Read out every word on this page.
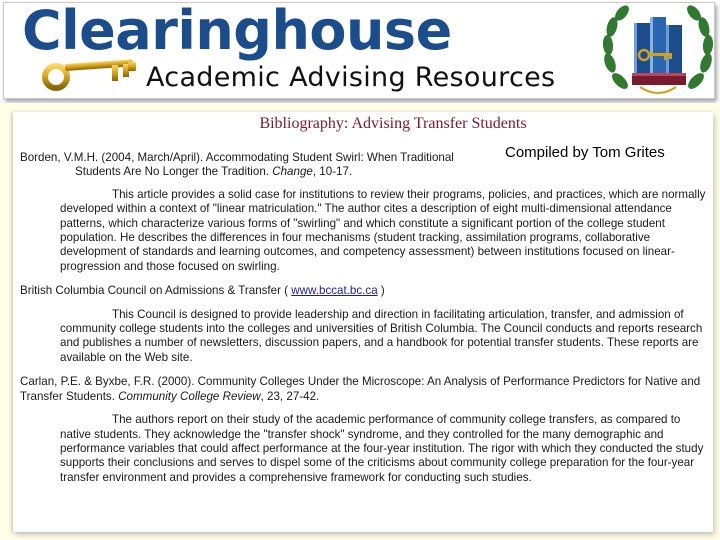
Clearinghouse
Academic Advising Resources
Bibliography: Advising Transfer Students
Compiled by Tom Grites
Borden, V.M.H. (2004, March/April). Accommodating Student Swirl: When Traditional Students Are No Longer the Tradition. Change, 10-17.
This article provides a solid case for institutions to review their programs, policies, and practices, which are normally developed within a context of "linear matriculation." The author cites a description of eight multi-dimensional attendance patterns, which characterize various forms of "swirling" and which constitute a significant portion of the college student population. He describes the differences in four mechanisms (student tracking, assimilation programs, collaborative development of standards and learning outcomes, and competency assessment) between institutions focused on linear-progression and those focused on swirling.
British Columbia Council on Admissions & Transfer ( www.bccat.bc.ca )
This Council is designed to provide leadership and direction in facilitating articulation, transfer, and admission of community college students into the colleges and universities of British Columbia. The Council conducts and reports research and publishes a number of newsletters, discussion papers, and a handbook for potential transfer students. These reports are available on the Web site.
Carlan, P.E. & Byxbe, F.R. (2000). Community Colleges Under the Microscope: An Analysis of Performance Predictors for Native and Transfer Students. Community College Review, 23, 27-42.
The authors report on their study of the academic performance of community college transfers, as compared to native students. They acknowledge the "transfer shock" syndrome, and they controlled for the many demographic and performance variables that could affect performance at the four-year institution. The rigor with which they conducted the study supports their conclusions and serves to dispel some of the criticisms about community college preparation for the four-year transfer environment and provides a comprehensive framework for conducting such studies.
